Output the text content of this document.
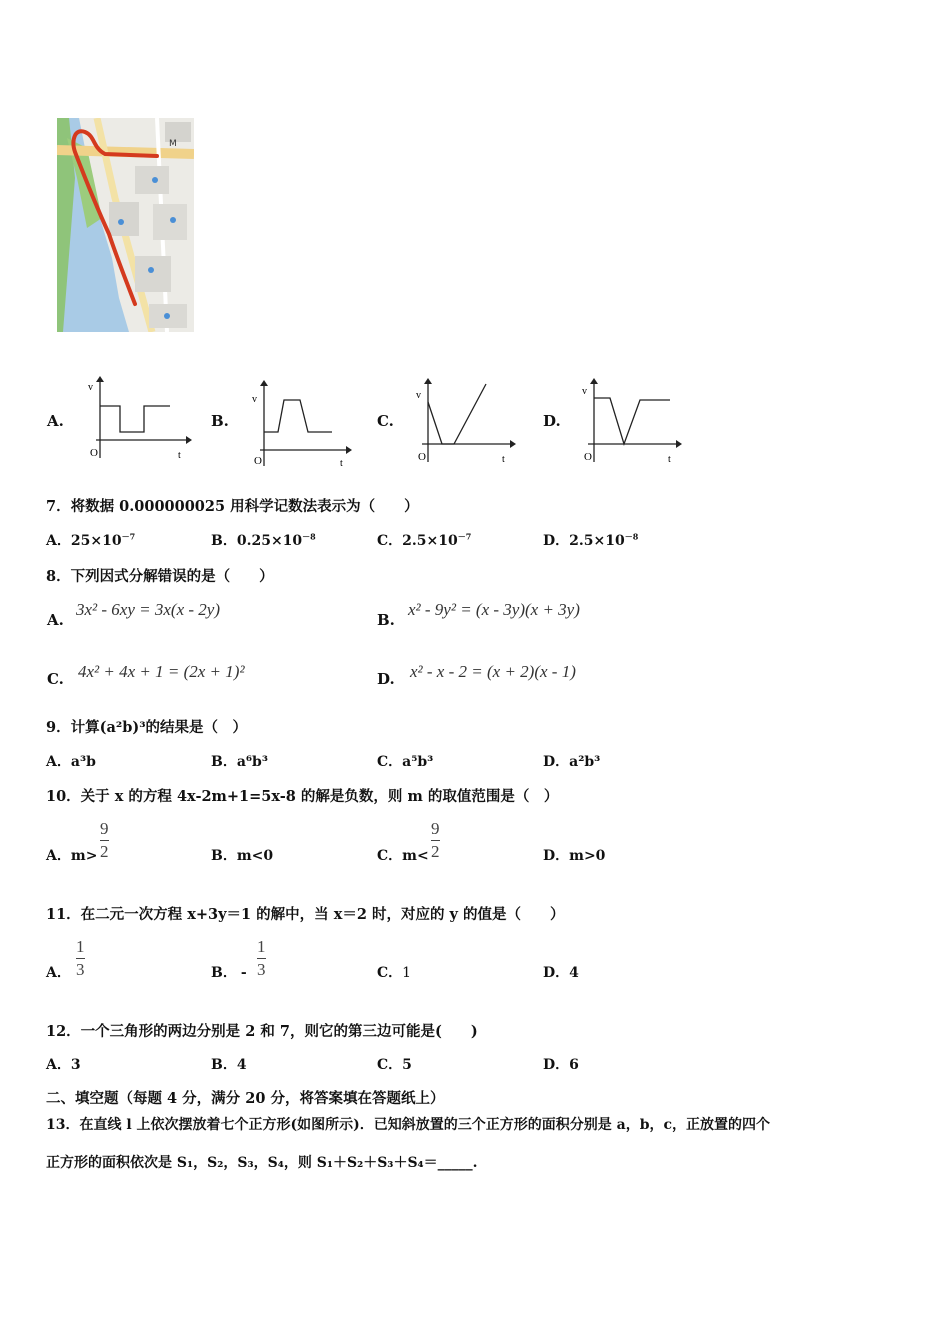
M
A.
v
O	t
B.
v
O	t
C.
v
O	t
D.
v
O	t
7．将数据 0.000000025 用科学记数法表示为（　　）
A．$25\times 10^{-7}$	B．$0.25\times 10^{-8}$	C．$2.5\times 10^{-7}$	D．$2.5\times 10^{-8}$
8．下列因式分解错误的是（　　）
A.
3x² - 6xy = 3x(x - 2y)
B.
x² - 9y² = (x - 3y)(x + 3y)
C. 4x² + 4x + 1 = (2x + 1)²	D. x² - x - 2 = (x + 2)(x - 1)
9．计算(a²b)³的结果是（　）
A．a³b	B．a⁶b³	C．a⁵b³	D．a²b³
10．关于 x 的方程 4x-2m+1=5x-8 的解是负数，则 m 的取值范围是（　）
A．m>
9
2	B．m<0	C．m<
9
2	D．m>0
11．在二元一次方程 x+3y＝1 的解中，当 x＝2 时，对应的 y 的值是（　　）
A．
1
3	B． -
1
3	C．1	D．4
12．一个三角形的两边分别是 2 和 7，则它的第三边可能是(　　)
A．3	B．4	C．5	D．6
二、填空题（每题 4 分，满分 20 分，将答案填在答题纸上）
13．在直线 l 上依次摆放着七个正方形(如图所示)．已知斜放置的三个正方形的面积分别是 a，b，c，正放置的四个
正方形的面积依次是 S₁，S₂，S₃，S₄，则 S₁＋S₂＋S₃＋S₄＝_____.
